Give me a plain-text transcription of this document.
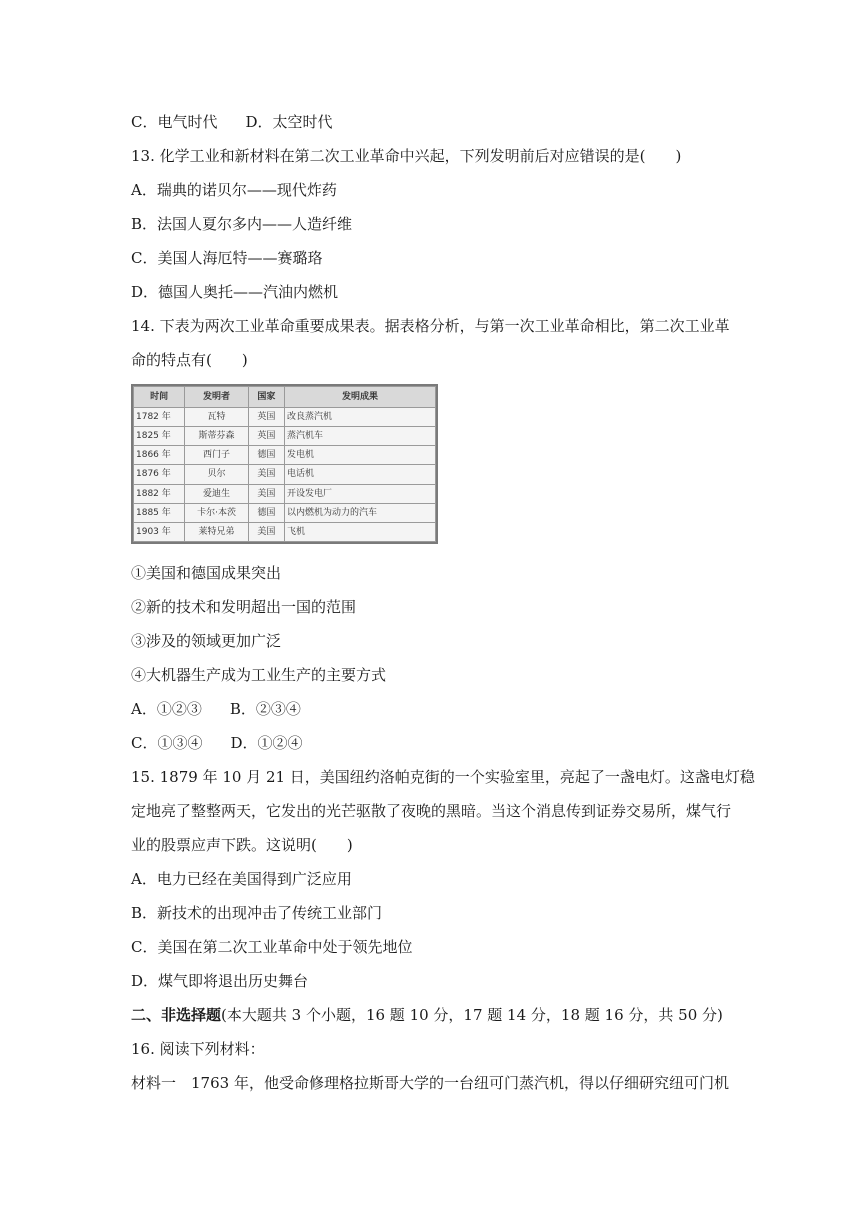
C．电气时代 D．太空时代
13. 化学工业和新材料在第二次工业革命中兴起，下列发明前后对应错误的是(　　)
A．瑞典的诺贝尔——现代炸药
B．法国人夏尔多内——人造纤维
C．美国人海厄特——赛璐珞
D．德国人奥托——汽油内燃机
14. 下表为两次工业革命重要成果表。据表格分析，与第一次工业革命相比，第二次工业革
命的特点有(　　)
时间	发明者	国家	发明成果
1782 年	瓦特	英国	改良蒸汽机
1825 年	斯蒂芬森	英国	蒸汽机车
1866 年	西门子	德国	发电机
1876 年	贝尔	美国	电话机
1882 年	爱迪生	美国	开设发电厂
1885 年	卡尔·本茨	德国	以内燃机为动力的汽车
1903 年	莱特兄弟	美国	飞机
①美国和德国成果突出
②新的技术和发明超出一国的范围
③涉及的领域更加广泛
④大机器生产成为工业生产的主要方式
A．①②③ B．②③④
C．①③④ D．①②④
15. 1879 年 10 月 21 日，美国纽约洛帕克街的一个实验室里，亮起了一盏电灯。这盏电灯稳
定地亮了整整两天，它发出的光芒驱散了夜晚的黑暗。当这个消息传到证券交易所，煤气行
业的股票应声下跌。这说明(　　)
A．电力已经在美国得到广泛应用
B．新技术的出现冲击了传统工业部门
C．美国在第二次工业革命中处于领先地位
D．煤气即将退出历史舞台
二、非选择题(本大题共 3 个小题，16 题 10 分，17 题 14 分，18 题 16 分，共 50 分)
16. 阅读下列材料：
材料一　1763 年，他受命修理格拉斯哥大学的一台纽可门蒸汽机，得以仔细研究纽可门机
